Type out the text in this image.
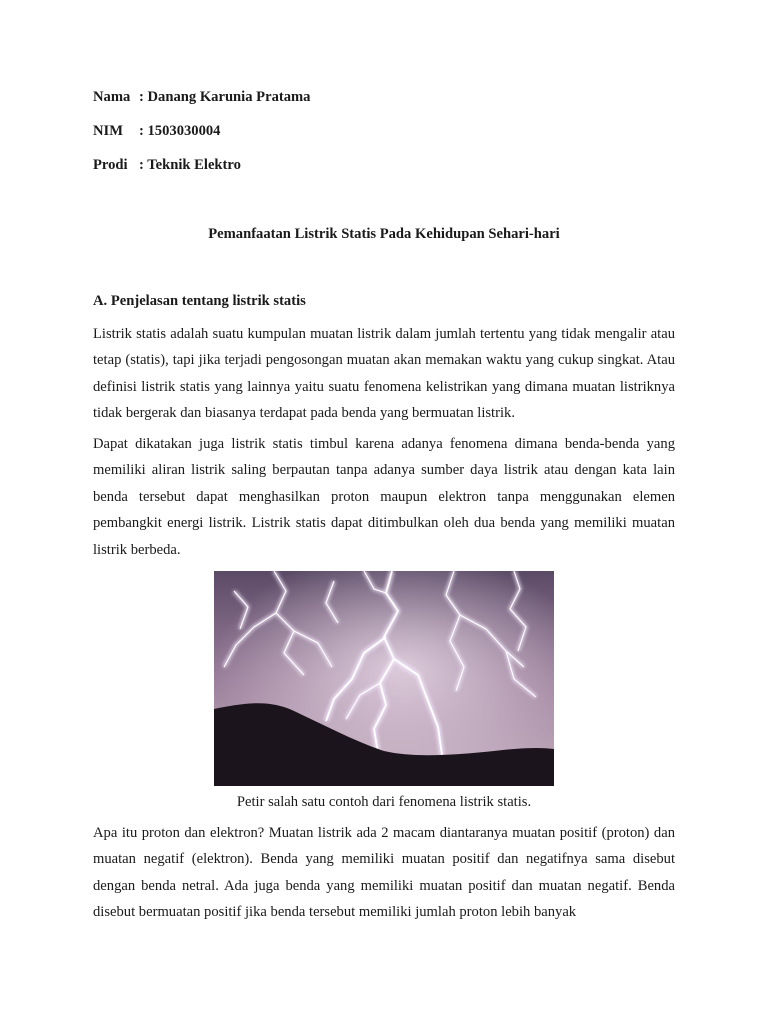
Nama : Danang Karunia Pratama
NIM : 1503030004
Prodi : Teknik Elektro
Pemanfaatan Listrik Statis Pada Kehidupan Sehari-hari
A. Penjelasan tentang listrik statis

Listrik statis adalah suatu kumpulan muatan listrik dalam jumlah tertentu yang tidak mengalir atau tetap (statis), tapi jika terjadi pengosongan muatan akan memakan waktu yang cukup singkat. Atau definisi listrik statis yang lainnya yaitu suatu fenomena kelistrikan yang dimana muatan listriknya tidak bergerak dan biasanya terdapat pada benda yang bermuatan listrik.

Dapat dikatakan juga listrik statis timbul karena adanya fenomena dimana benda-benda yang memiliki aliran listrik saling berpautan tanpa adanya sumber daya listrik atau dengan kata lain benda tersebut dapat menghasilkan proton maupun elektron tanpa menggunakan elemen pembangkit energi listrik. Listrik statis dapat ditimbulkan oleh dua benda yang memiliki muatan listrik berbeda.

Petir salah satu contoh dari fenomena listrik statis.

Apa itu proton dan elektron? Muatan listrik ada 2 macam diantaranya muatan positif (proton) dan muatan negatif (elektron). Benda yang memiliki muatan positif dan negatifnya sama disebut dengan benda netral. Ada juga benda yang memiliki muatan positif dan muatan negatif. Benda disebut bermuatan positif jika benda tersebut memiliki jumlah proton lebih banyak
